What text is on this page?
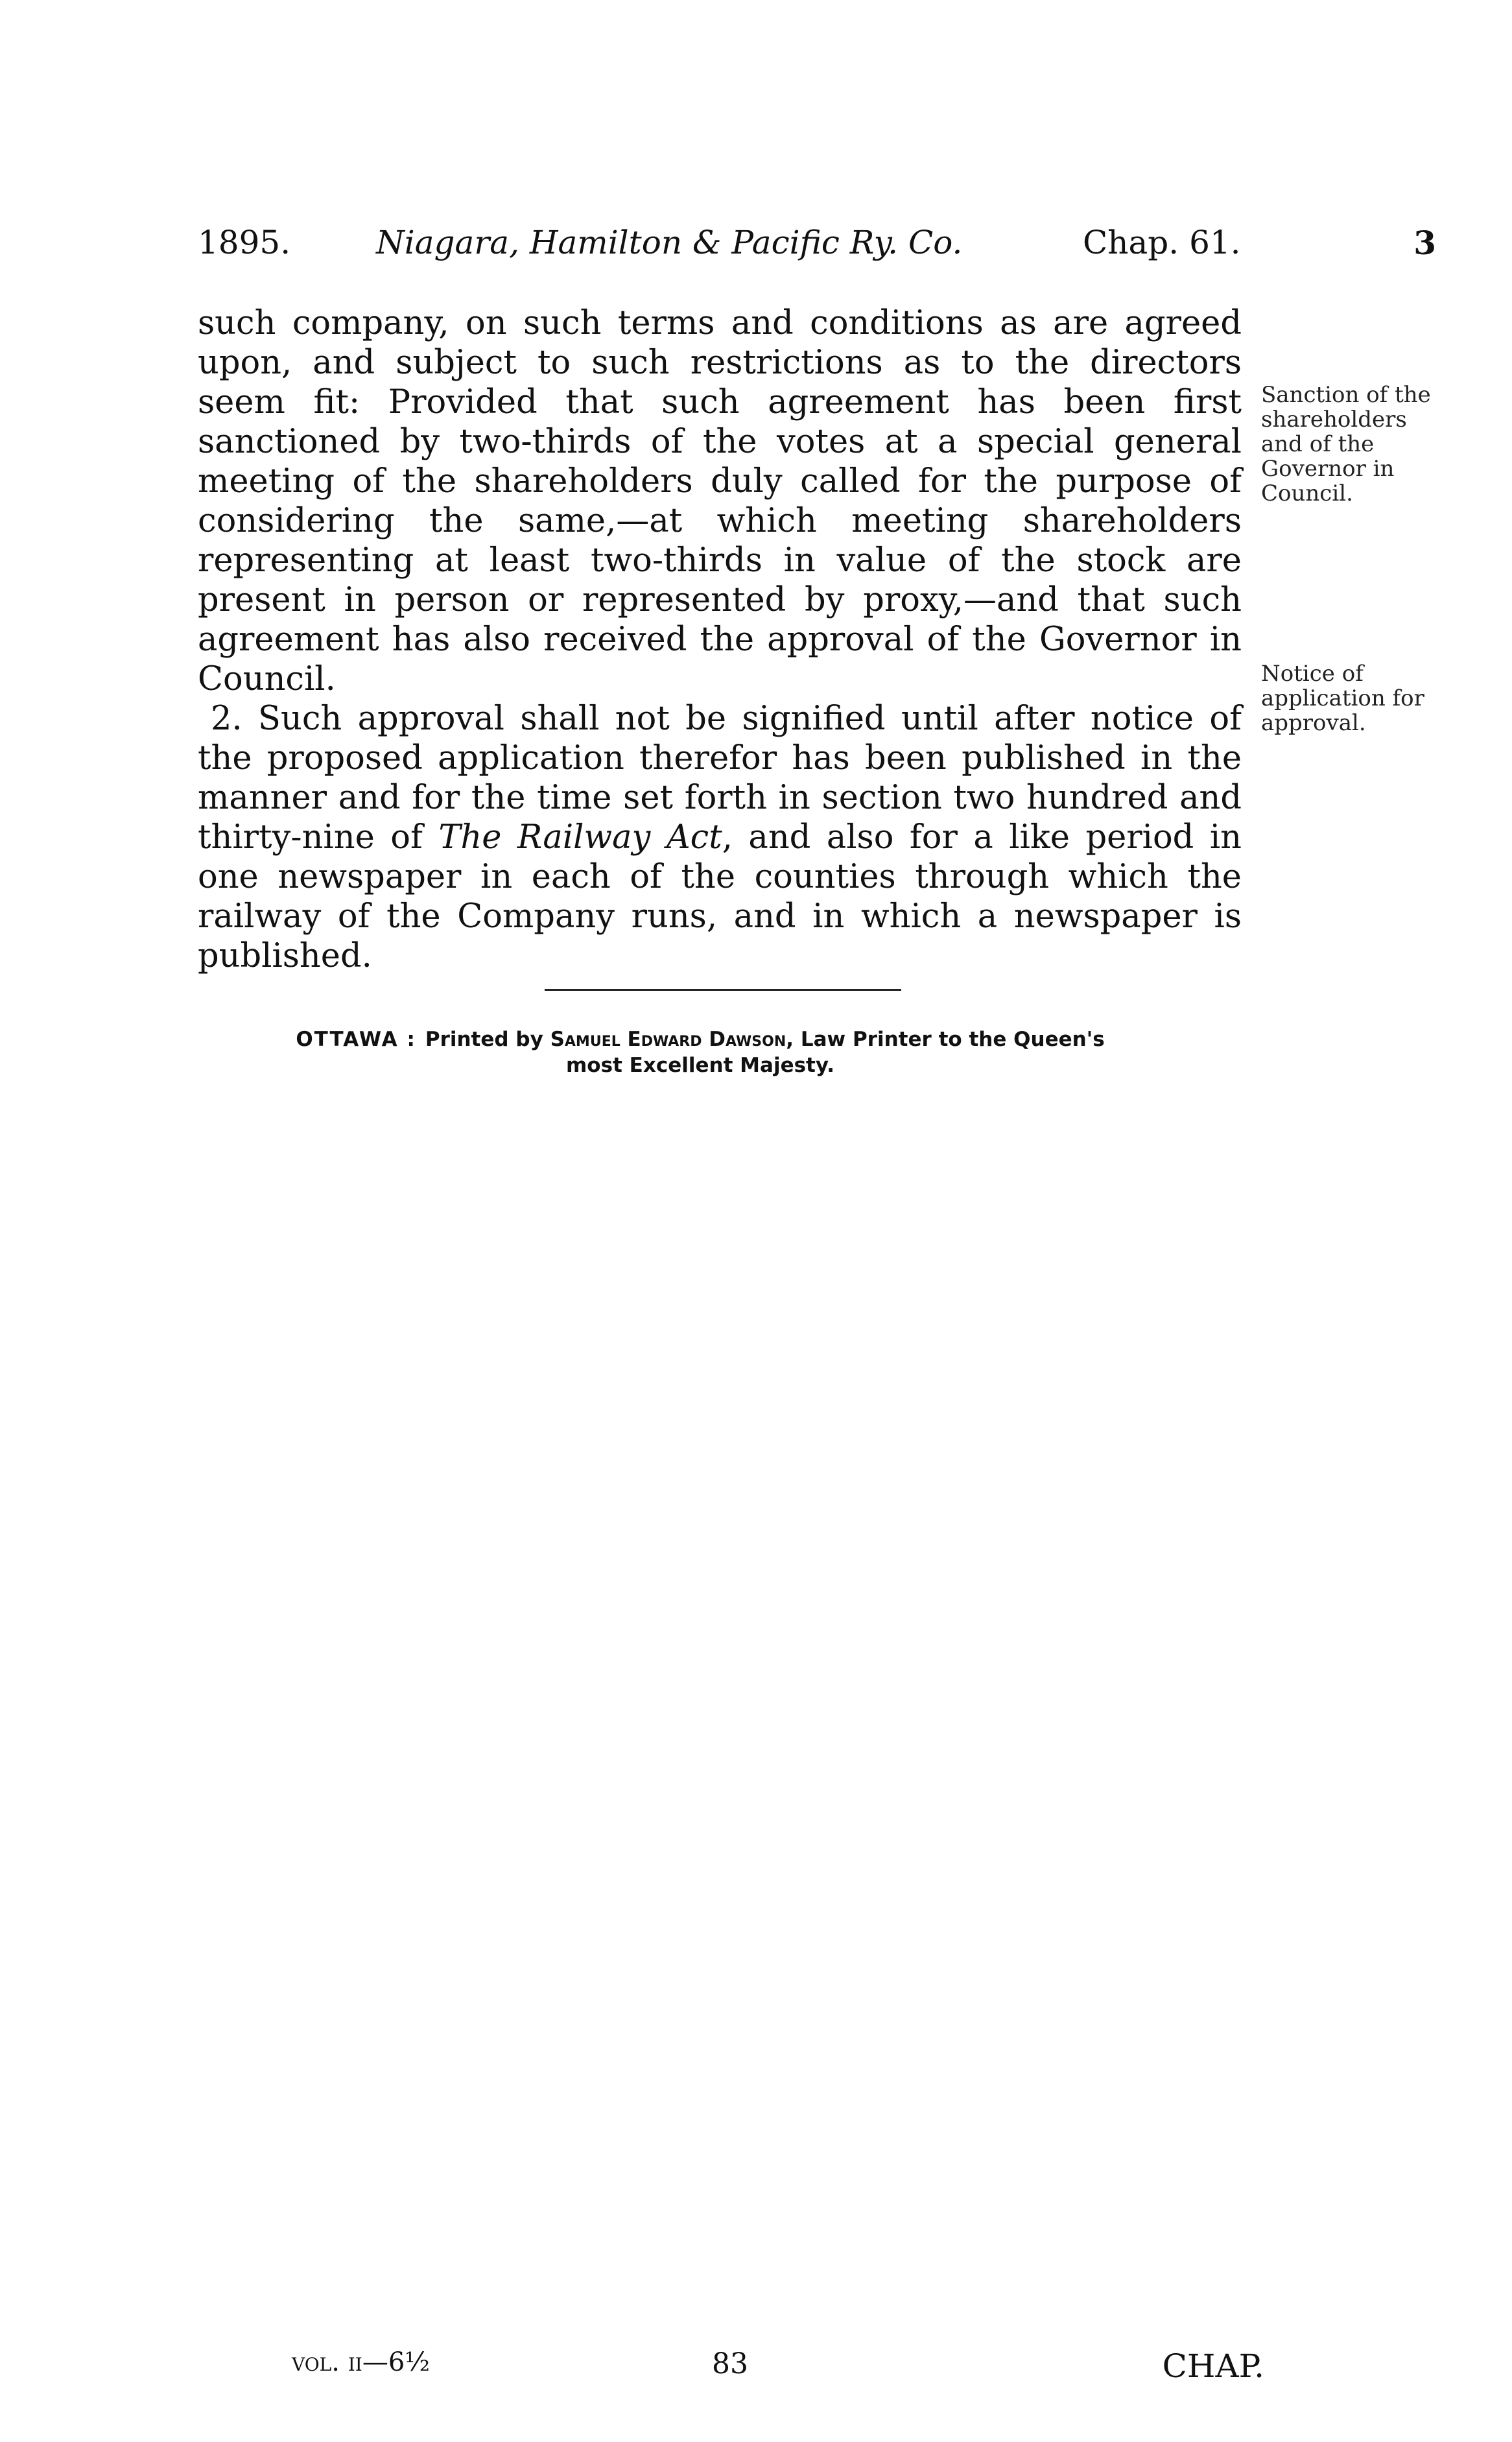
1895.	Niagara, Hamilton & Pacific Ry. Co.	Chap. 61.	3

such company, on such terms and conditions as are agreed upon, and subject to such restrictions as to the directors seem fit: Provided that such agreement has been first sanctioned by two-thirds of the votes at a special general meeting of the shareholders duly called for the purpose of considering the same,—at which meeting shareholders representing at least two-thirds in value of the stock are present in person or represented by proxy,—and that such agreement has also received the approval of the Governor in Council.

2. Such approval shall not be signified until after notice of the proposed application therefor has been published in the manner and for the time set forth in section two hundred and thirty-nine of The Railway Act, and also for a like period in one newspaper in each of the counties through which the railway of the Company runs, and in which a newspaper is published.

Sanction of the shareholders and of the Governor in Council.
Notice of application for approval.
OTTAWA : Printed by Samuel Edward Dawson, Law Printer to the Queen's
most Excellent Majesty.
vol. ii—6½	83	CHAP.
